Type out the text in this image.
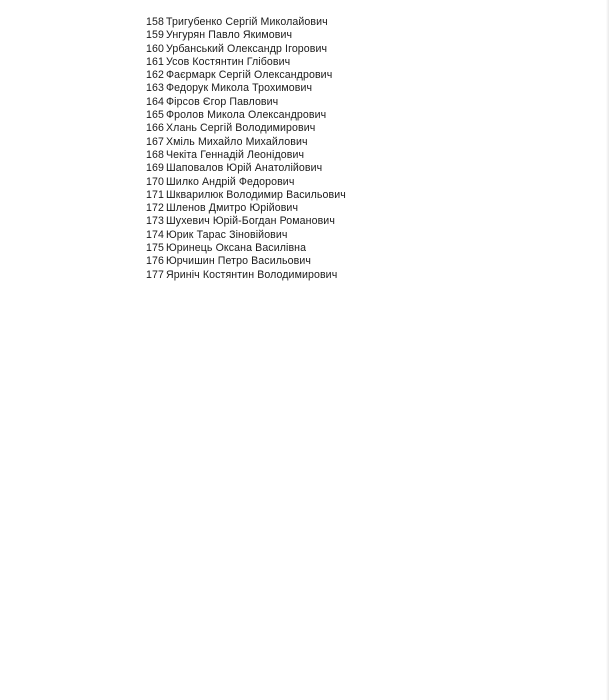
158 Тригубенко Сергій Миколайович
159 Унгурян Павло Якимович
160 Урбанський Олександр Ігорович
161 Усов Костянтин Глібович
162 Фаєрмарк Сергій Олександрович
163 Федорук Микола Трохимович
164 Фірсов Єгор Павлович
165 Фролов Микола Олександрович
166 Хлань Сергій Володимирович
167 Хміль Михайло Михайлович
168 Чекіта Геннадій Леонідович
169 Шаповалов Юрій Анатолійович
170 Шилко Андрій Федорович
171 Шкварилюк Володимир Васильович
172 Шленов Дмитро Юрійович
173 Шухевич Юрій-Богдан Романович
174 Юрик Тарас Зіновійович
175 Юринець Оксана Василівна
176 Юрчишин Петро Васильович
177 Яриніч Костянтин Володимирович
